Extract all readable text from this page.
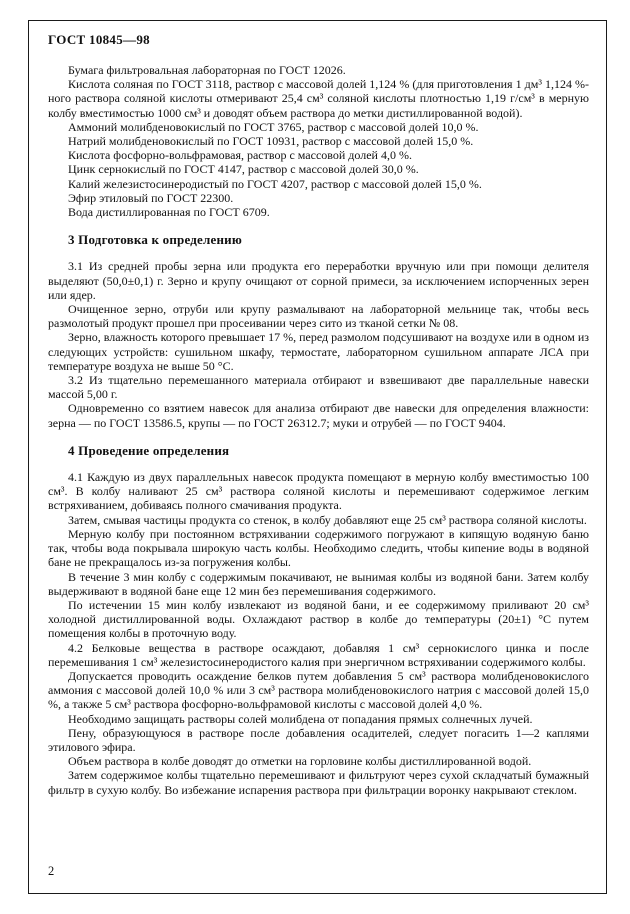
ГОСТ 10845—98

Бумага фильтровальная лабораторная по ГОСТ 12026.

Кислота соляная по ГОСТ 3118, раствор с массовой долей 1,124 % (для приготовления 1 дм³ 1,124 %-ного раствора соляной кислоты отмеривают 25,4 см³ соляной кислоты плотностью 1,19 г/см³ в мерную колбу вместимостью 1000 см³ и доводят объем раствора до метки дистиллированной водой).

Аммоний молибденовокислый по ГОСТ 3765, раствор с массовой долей 10,0 %.

Натрий молибденовокислый по ГОСТ 10931, раствор с массовой долей 15,0 %.

Кислота фосфорно-вольфрамовая, раствор с массовой долей 4,0 %.

Цинк сернокислый по ГОСТ 4147, раствор с массовой долей 30,0 %.

Калий железистосинеродистый по ГОСТ 4207, раствор с массовой долей 15,0 %.

Эфир этиловый по ГОСТ 22300.

Вода дистиллированная по ГОСТ 6709.

3 Подготовка к определению

3.1 Из средней пробы зерна или продукта его переработки вручную или при помощи делителя выделяют (50,0±0,1) г. Зерно и крупу очищают от сорной примеси, за исключением испорченных зерен или ядер.

Очищенное зерно, отруби или крупу размалывают на лабораторной мельнице так, чтобы весь размолотый продукт прошел при просеивании через сито из тканой сетки № 08.

Зерно, влажность которого превышает 17 %, перед размолом подсушивают на воздухе или в одном из следующих устройств: сушильном шкафу, термостате, лабораторном сушильном аппарате ЛСА при температуре воздуха не выше 50 °С.

3.2 Из тщательно перемешанного материала отбирают и взвешивают две параллельные навески массой 5,00 г.

Одновременно со взятием навесок для анализа отбирают две навески для определения влажности: зерна — по ГОСТ 13586.5, крупы — по ГОСТ 26312.7; муки и отрубей — по ГОСТ 9404.

4 Проведение определения

4.1 Каждую из двух параллельных навесок продукта помещают в мерную колбу вместимостью 100 см³. В колбу наливают 25 см³ раствора соляной кислоты и перемешивают содержимое легким встряхиванием, добиваясь полного смачивания продукта.

Затем, смывая частицы продукта со стенок, в колбу добавляют еще 25 см³ раствора соляной кислоты.

Мерную колбу при постоянном встряхивании содержимого погружают в кипящую водяную баню так, чтобы вода покрывала широкую часть колбы. Необходимо следить, чтобы кипение воды в водяной бане не прекращалось из-за погружения колбы.

В течение 3 мин колбу с содержимым покачивают, не вынимая колбы из водяной бани. Затем колбу выдерживают в водяной бане еще 12 мин без перемешивания содержимого.

По истечении 15 мин колбу извлекают из водяной бани, и ее содержимому приливают 20 см³ холодной дистиллированной воды. Охлаждают раствор в колбе до температуры (20±1) °С путем помещения колбы в проточную воду.

4.2 Белковые вещества в растворе осаждают, добавляя 1 см³ сернокислого цинка и после перемешивания 1 см³ железистосинеродистого калия при энергичном встряхивании содержимого колбы.

Допускается проводить осаждение белков путем добавления 5 см³ раствора молибденовокислого аммония с массовой долей 10,0 % или 3 см³ раствора молибденовокислого натрия с массовой долей 15,0 %, а также 5 см³ раствора фосфорно-вольфрамовой кислоты с массовой долей 4,0 %.

Необходимо защищать растворы солей молибдена от попадания прямых солнечных лучей.

Пену, образующуюся в растворе после добавления осадителей, следует погасить 1—2 каплями этилового эфира.

Объем раствора в колбе доводят до отметки на горловине колбы дистиллированной водой.

Затем содержимое колбы тщательно перемешивают и фильтруют через сухой складчатый бумажный фильтр в сухую колбу. Во избежание испарения раствора при фильтрации воронку накрывают стеклом.

2
